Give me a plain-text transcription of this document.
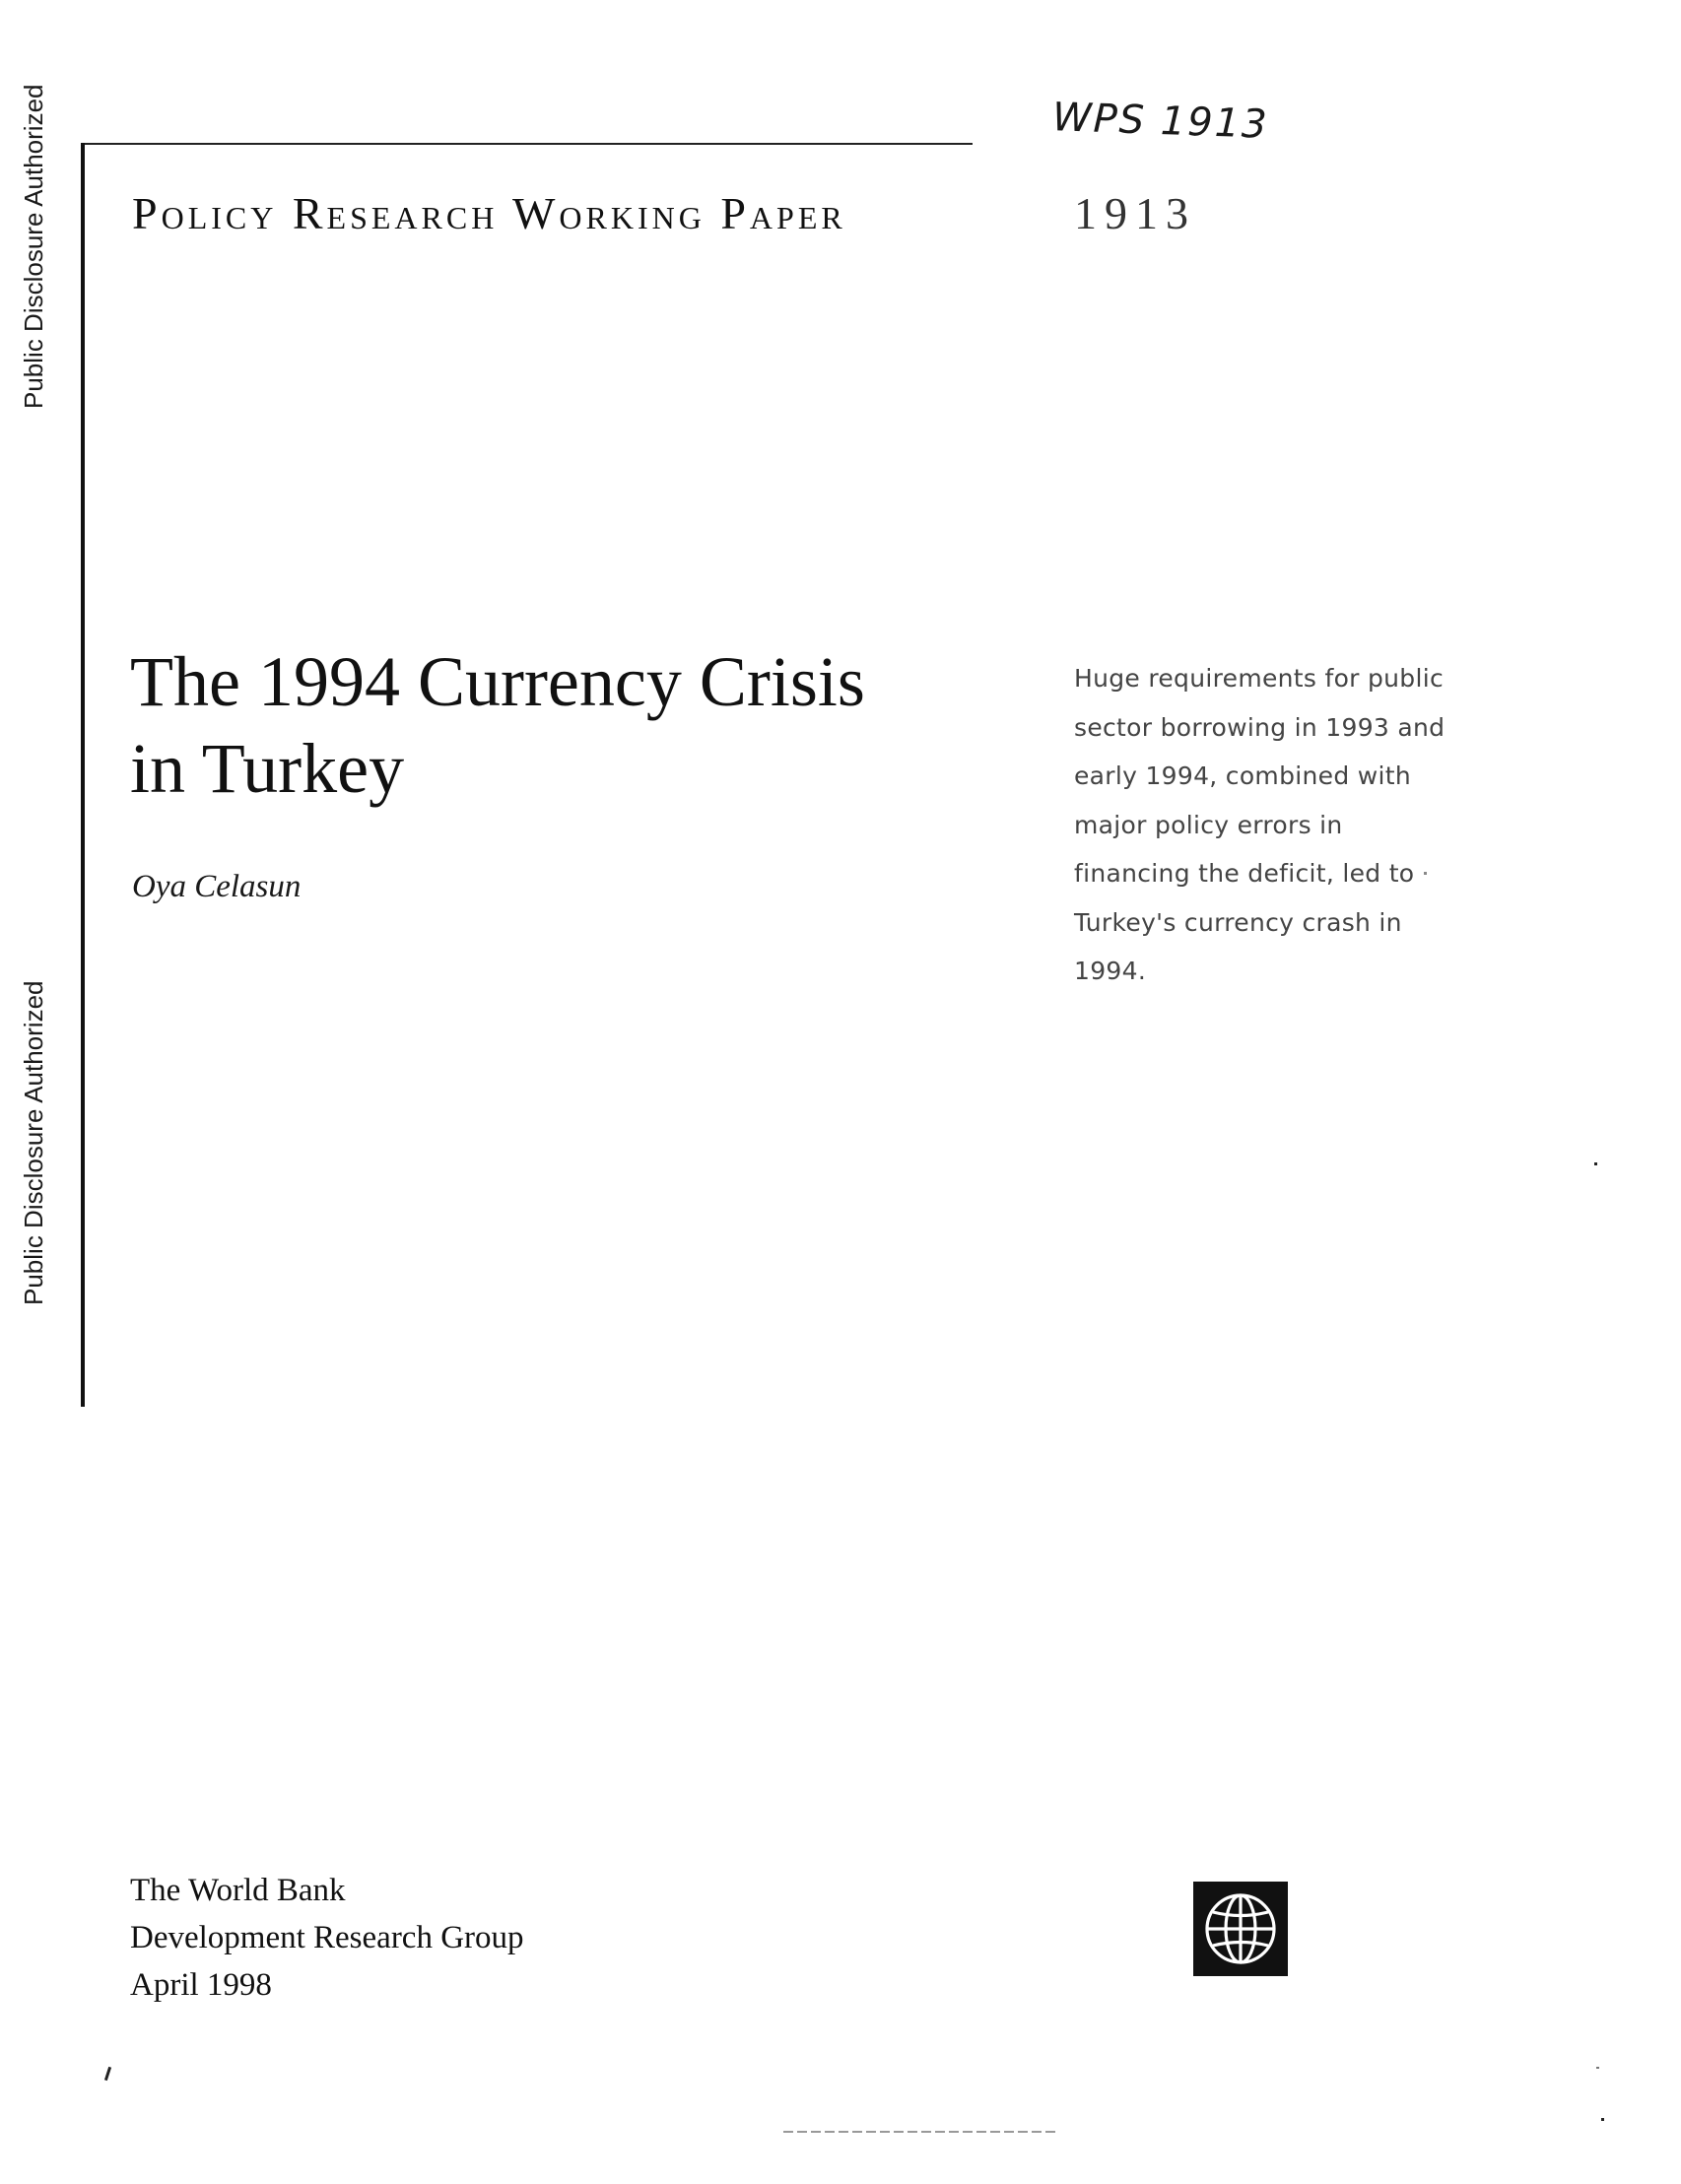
Public Disclosure Authorized
Public Disclosure Authorized
Policy Research Working Paper
WPS 1913
1913
The 1994 Currency Crisis
in Turkey
Oya Celasun
Huge requirements for public
sector borrowing in 1993 and
early 1994, combined with
major policy errors in
financing the deficit, led to
Turkey's currency crash in
1994.
The World Bank
Development Research Group
April 1998
